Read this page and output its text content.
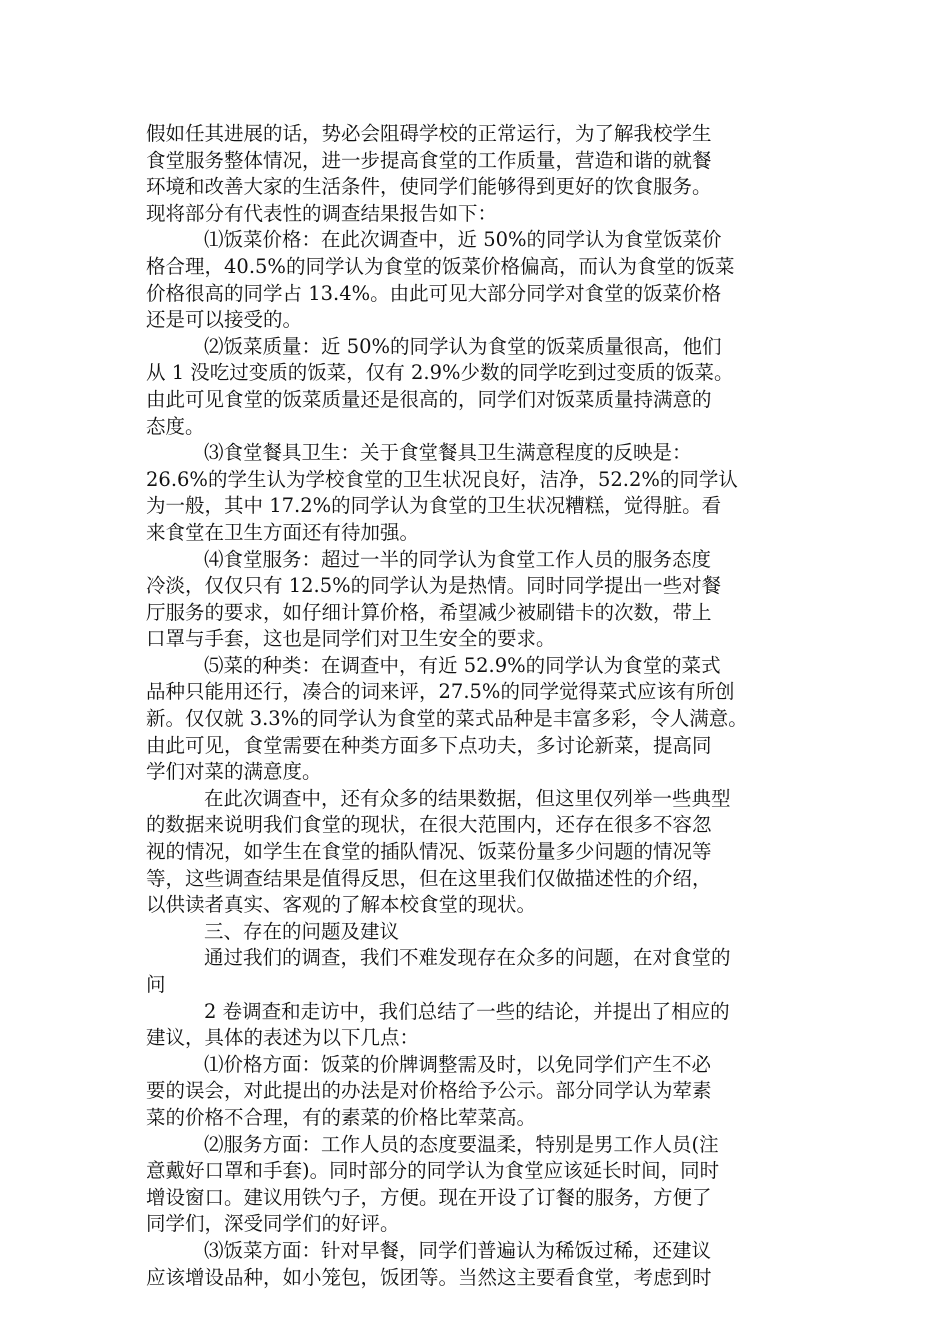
假如任其进展的话，势必会阻碍学校的正常运行，为了解我校学生
食堂服务整体情况，进一步提高食堂的工作质量，营造和谐的就餐
环境和改善大家的生活条件，使同学们能够得到更好的饮食服务。
现将部分有代表性的调查结果报告如下：
⑴饭菜价格：在此次调查中，近 50%的同学认为食堂饭菜价
格合理，40.5%的同学认为食堂的饭菜价格偏高，而认为食堂的饭菜
价格很高的同学占 13.4%。由此可见大部分同学对食堂的饭菜价格
还是可以接受的。
⑵饭菜质量：近 50%的同学认为食堂的饭菜质量很高，他们
从 1 没吃过变质的饭菜，仅有 2.9%少数的同学吃到过变质的饭菜。
由此可见食堂的饭菜质量还是很高的，同学们对饭菜质量持满意的
态度。
⑶食堂餐具卫生：关于食堂餐具卫生满意程度的反映是：
26.6%的学生认为学校食堂的卫生状况良好，洁净，52.2%的同学认
为一般，其中 17.2%的同学认为食堂的卫生状况糟糕，觉得脏。看
来食堂在卫生方面还有待加强。
⑷食堂服务：超过一半的同学认为食堂工作人员的服务态度
冷淡，仅仅只有 12.5%的同学认为是热情。同时同学提出一些对餐
厅服务的要求，如仔细计算价格，希望减少被刷错卡的次数，带上
口罩与手套，这也是同学们对卫生安全的要求。
⑸菜的种类：在调查中，有近 52.9%的同学认为食堂的菜式
品种只能用还行，凑合的词来评，27.5%的同学觉得菜式应该有所创
新。仅仅就 3.3%的同学认为食堂的菜式品种是丰富多彩，令人满意。
由此可见，食堂需要在种类方面多下点功夫，多讨论新菜，提高同
学们对菜的满意度。
在此次调查中，还有众多的结果数据，但这里仅列举一些典型
的数据来说明我们食堂的现状，在很大范围内，还存在很多不容忽
视的情况，如学生在食堂的插队情况、饭菜份量多少问题的情况等
等，这些调查结果是值得反思，但在这里我们仅做描述性的介绍，
以供读者真实、客观的了解本校食堂的现状。
三、存在的问题及建议
通过我们的调查，我们不难发现存在众多的问题，在对食堂的
问
2 卷调查和走访中，我们总结了一些的结论，并提出了相应的
建议，具体的表述为以下几点：
⑴价格方面：饭菜的价牌调整需及时，以免同学们产生不必
要的误会，对此提出的办法是对价格给予公示。部分同学认为荤素
菜的价格不合理，有的素菜的价格比荤菜高。
⑵服务方面：工作人员的态度要温柔，特别是男工作人员(注
意戴好口罩和手套)。同时部分的同学认为食堂应该延长时间，同时
增设窗口。建议用铁勺子，方便。现在开设了订餐的服务，方便了
同学们，深受同学们的好评。
⑶饭菜方面：针对早餐，同学们普遍认为稀饭过稀，还建议
应该增设品种，如小笼包，饭团等。当然这主要看食堂，考虑到时
